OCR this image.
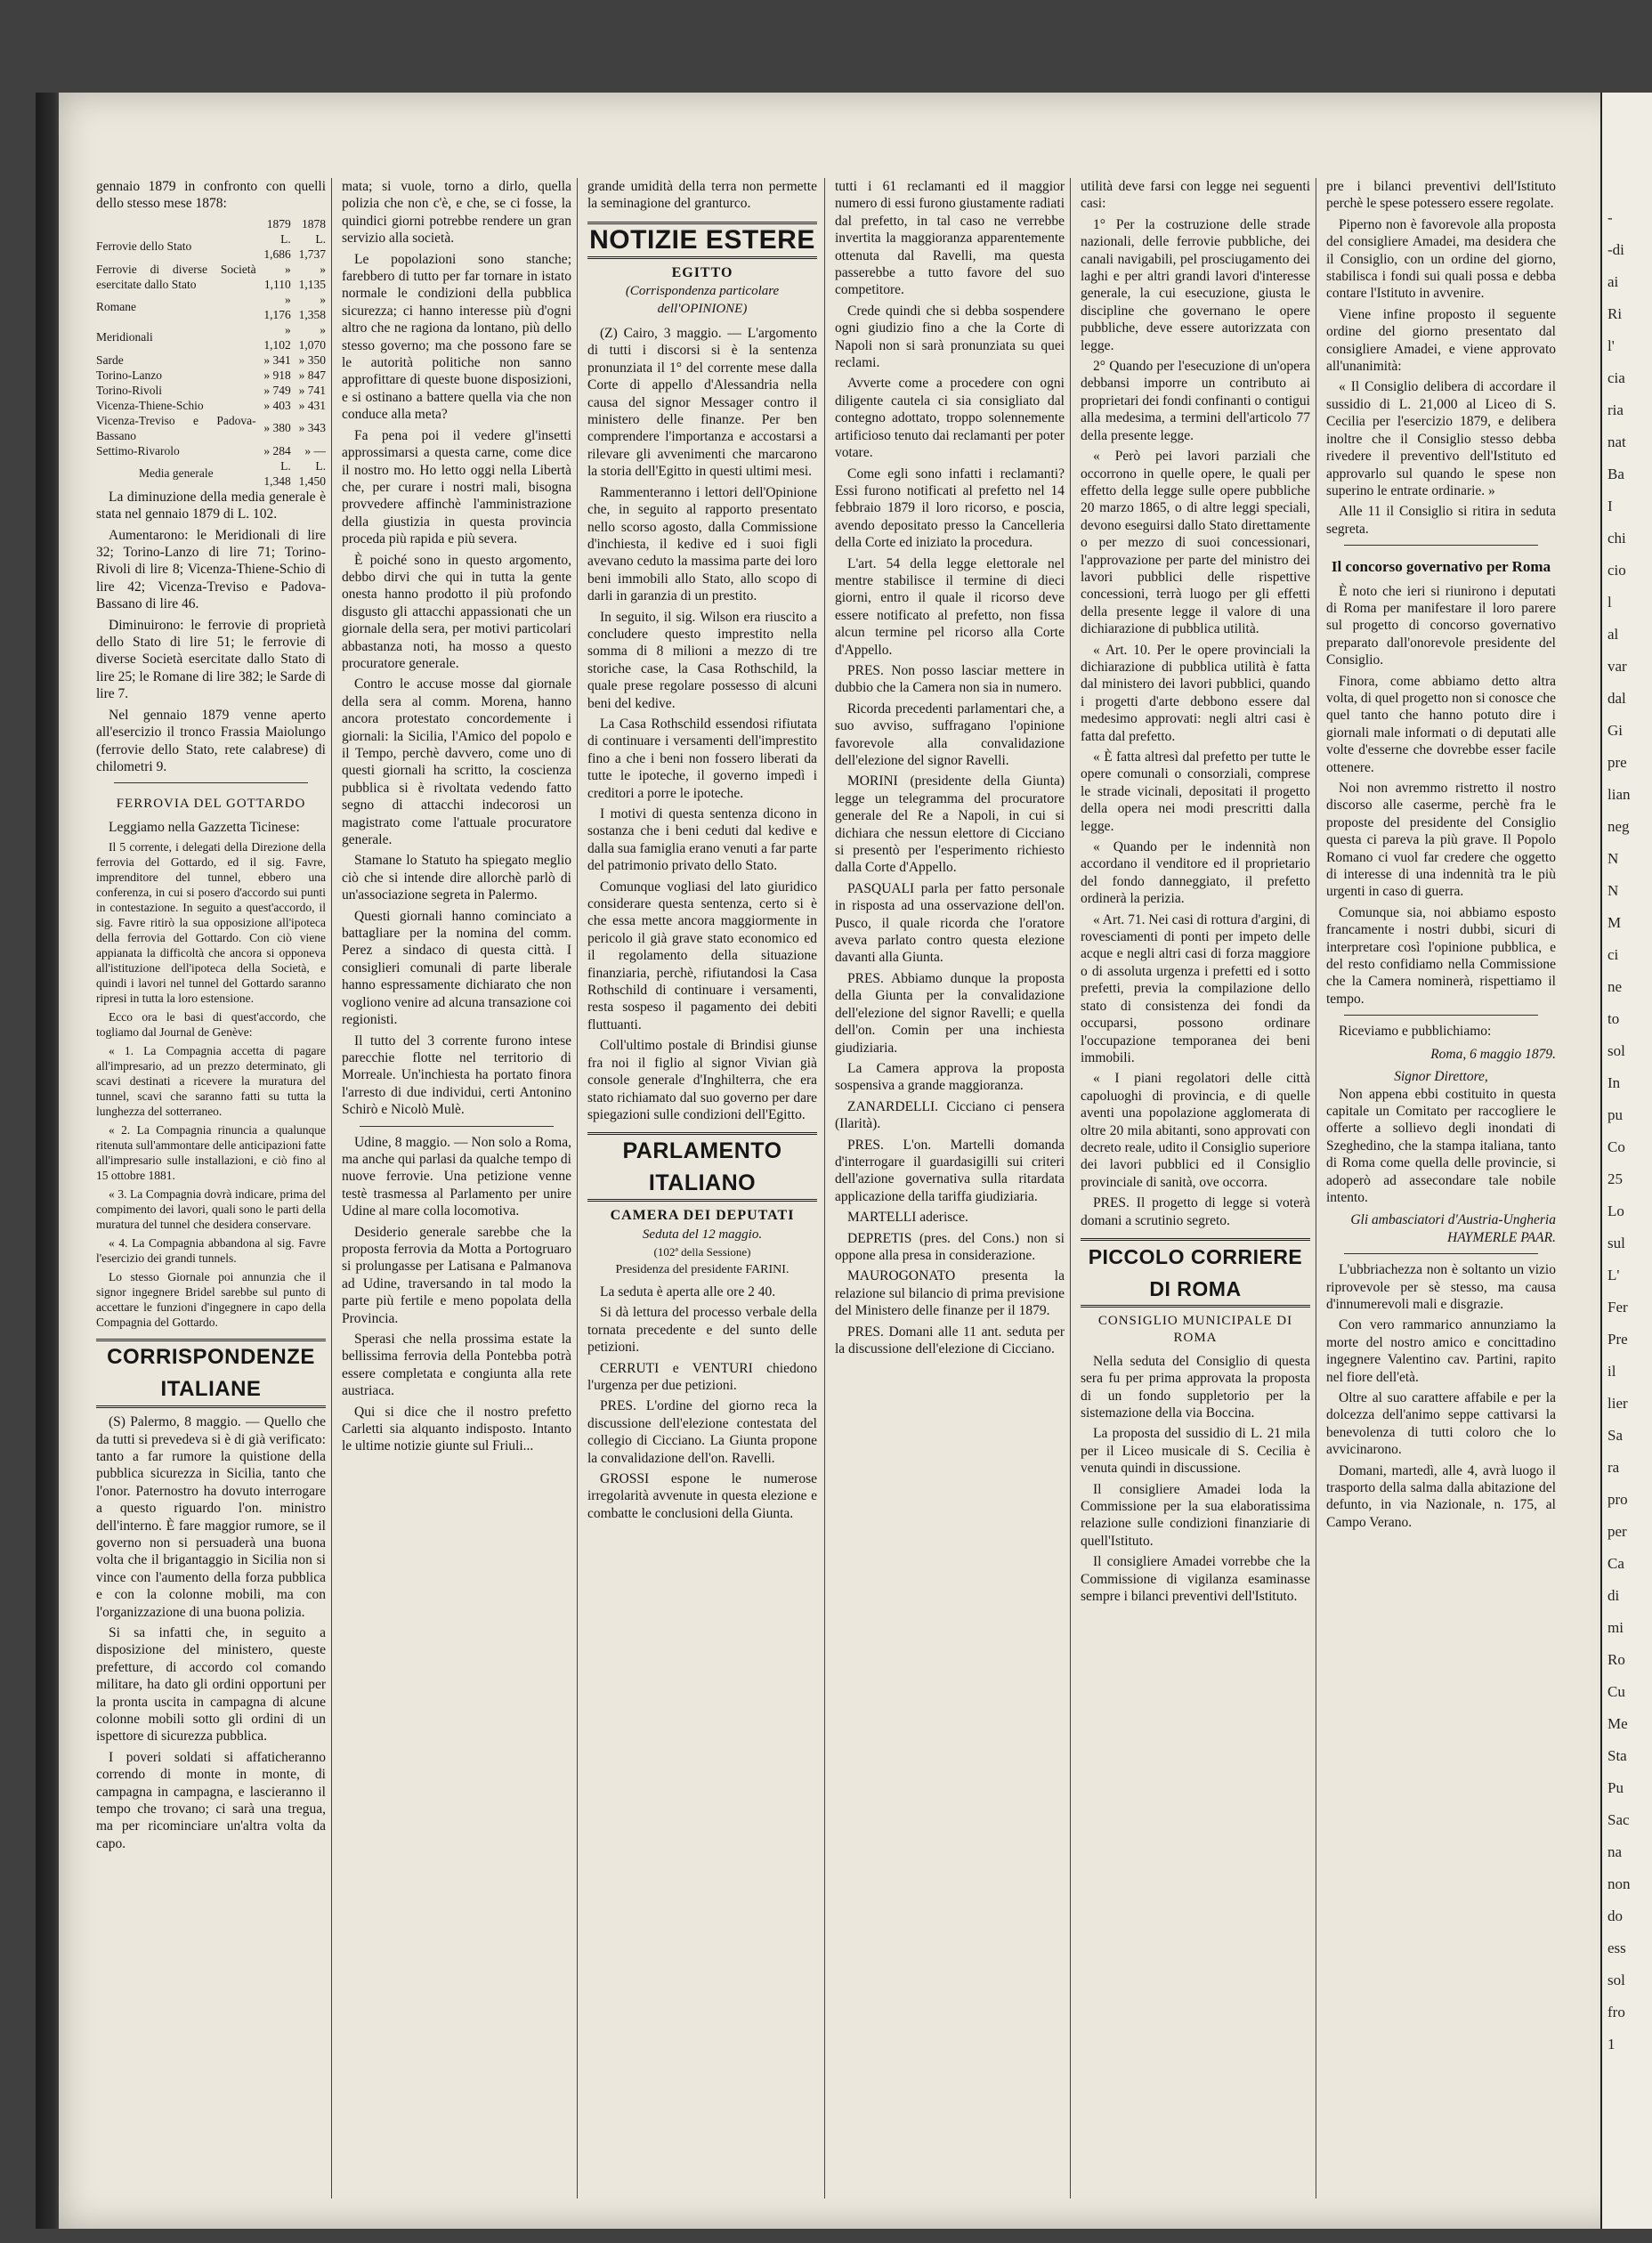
gennaio 1879 in confronto con quelli dello stesso mese 1878:

	1879	1878
Ferrovie dello Stato	L. 1,686	L. 1,737
Ferrovie di diverse Società esercitate dallo Stato	» 1,110	» 1,135
Romane	» 1,176	» 1,358
Meridionali	» 1,102	» 1,070
Sarde	» 341	» 350
Torino-Lanzo	» 918	» 847
Torino-Rivoli	» 749	» 741
Vicenza-Thiene-Schio	» 403	» 431
Vicenza-Treviso e Padova-Bassano	» 380	» 343
Settimo-Rivarolo	» 284	» —
Media generale	L. 1,348	L. 1,450

La diminuzione della media generale è stata nel gennaio 1879 di L. 102.

Aumentarono: le Meridionali di lire 32; Torino-Lanzo di lire 71; Torino-Rivoli di lire 8; Vicenza-Thiene-Schio di lire 42; Vicenza-Treviso e Padova-Bassano di lire 46.

Diminuirono: le ferrovie di proprietà dello Stato di lire 51; le ferrovie di diverse Società esercitate dallo Stato di lire 25; le Romane di lire 382; le Sarde di lire 7.

Nel gennaio 1879 venne aperto all'esercizio il tronco Frassia Maiolungo (ferrovie dello Stato, rete calabrese) di chilometri 9.

FERROVIA DEL GOTTARDO

Leggiamo nella Gazzetta Ticinese:

Il 5 corrente, i delegati della Direzione della ferrovia del Gottardo, ed il sig. Favre, imprenditore del tunnel, ebbero una conferenza, in cui si posero d'accordo sui punti in contestazione. In seguito a quest'accordo, il sig. Favre ritirò la sua opposizione all'ipoteca della ferrovia del Gottardo. Con ciò viene appianata la difficoltà che ancora si opponeva all'istituzione dell'ipoteca della Società, e quindi i lavori nel tunnel del Gottardo saranno ripresi in tutta la loro estensione.

Ecco ora le basi di quest'accordo, che togliamo dal Journal de Genève:

« 1. La Compagnia accetta di pagare all'impresario, ad un prezzo determinato, gli scavi destinati a ricevere la muratura del tunnel, scavi che saranno fatti su tutta la lunghezza del sotterraneo.

« 2. La Compagnia rinuncia a qualunque ritenuta sull'ammontare delle anticipazioni fatte all'impresario sulle installazioni, e ciò fino al 15 ottobre 1881.

« 3. La Compagnia dovrà indicare, prima del compimento dei lavori, quali sono le parti della muratura del tunnel che desidera conservare.

« 4. La Compagnia abbandona al sig. Favre l'esercizio dei grandi tunnels.

Lo stesso Giornale poi annunzia che il signor ingegnere Bridel sarebbe sul punto di accettare le funzioni d'ingegnere in capo della Compagnia del Gottardo.

CORRISPONDENZE ITALIANE

(S) Palermo, 8 maggio. — Quello che da tutti si prevedeva si è di già verificato: tanto a far rumore la quistione della pubblica sicurezza in Sicilia, tanto che l'onor. Paternostro ha dovuto interrogare a questo riguardo l'on. ministro dell'interno. È fare maggior rumore, se il governo non si persuaderà una buona volta che il brigantaggio in Sicilia non si vince con l'aumento della forza pubblica e con la colonne mobili, ma con l'organizzazione di una buona polizia.

Si sa infatti che, in seguito a disposizione del ministero, queste prefetture, di accordo col comando militare, ha dato gli ordini opportuni per la pronta uscita in campagna di alcune colonne mobili sotto gli ordini di un ispettore di sicurezza pubblica.

I poveri soldati si affaticheranno correndo di monte in monte, di campagna in campagna, e lascieranno il tempo che trovano; ci sarà una tregua, ma per ricominciare un'altra volta da capo.

mata; si vuole, torno a dirlo, quella polizia che non c'è, e che, se ci fosse, la quindici giorni potrebbe rendere un gran servizio alla società.

Le popolazioni sono stanche; farebbero di tutto per far tornare in istato normale le condizioni della pubblica sicurezza; ci hanno interesse più d'ogni altro che ne ragiona da lontano, più dello stesso governo; ma che possono fare se le autorità politiche non sanno approfittare di queste buone disposizioni, e si ostinano a battere quella via che non conduce alla meta?

Fa pena poi il vedere gl'insetti approssimarsi a questa carne, come dice il nostro mo. Ho letto oggi nella Libertà che, per curare i nostri mali, bisogna provvedere affinchè l'amministrazione della giustizia in questa provincia proceda più rapida e più severa.

È poiché sono in questo argomento, debbo dirvi che qui in tutta la gente onesta hanno prodotto il più profondo disgusto gli attacchi appassionati che un giornale della sera, per motivi particolari abbastanza noti, ha mosso a questo procuratore generale.

Contro le accuse mosse dal giornale della sera al comm. Morena, hanno ancora protestato concordemente i giornali: la Sicilia, l'Amico del popolo e il Tempo, perchè davvero, come uno di questi giornali ha scritto, la coscienza pubblica si è rivoltata vedendo fatto segno di attacchi indecorosi un magistrato come l'attuale procuratore generale.

Stamane lo Statuto ha spiegato meglio ciò che si intende dire allorchè parlò di un'associazione segreta in Palermo.

Questi giornali hanno cominciato a battagliare per la nomina del comm. Perez a sindaco di questa città. I consiglieri comunali di parte liberale hanno espressamente dichiarato che non vogliono venire ad alcuna transazione coi regionisti.

Il tutto del 3 corrente furono intese parecchie flotte nel territorio di Morreale. Un'inchiesta ha portato finora l'arresto di due individui, certi Antonino Schirò e Nicolò Mulè.

Udine, 8 maggio. — Non solo a Roma, ma anche qui parlasi da qualche tempo di nuove ferrovie. Una petizione venne testè trasmessa al Parlamento per unire Udine al mare colla locomotiva.

Desiderio generale sarebbe che la proposta ferrovia da Motta a Portogruaro si prolungasse per Latisana e Palmanova ad Udine, traversando in tal modo la parte più fertile e meno popolata della Provincia.

Sperasi che nella prossima estate la bellissima ferrovia della Pontebba potrà essere completata e congiunta alla rete austriaca.

Qui si dice che il nostro prefetto Carletti sia alquanto indisposto. Intanto le ultime notizie giunte sul Friuli...

grande umidità della terra non permette la seminagione del granturco.

NOTIZIE ESTERE
EGITTO
(Corrispondenza particolare dell'OPINIONE)

(Z) Cairo, 3 maggio. — L'argomento di tutti i discorsi si è la sentenza pronunziata il 1° del corrente mese dalla Corte di appello d'Alessandria nella causa del signor Messager contro il ministero delle finanze. Per ben comprendere l'importanza e accostarsi a rilevare gli avvenimenti che marcarono la storia dell'Egitto in questi ultimi mesi.

Rammenteranno i lettori dell'Opinione che, in seguito al rapporto presentato nello scorso agosto, dalla Commissione d'inchiesta, il kedive ed i suoi figli avevano ceduto la massima parte dei loro beni immobili allo Stato, allo scopo di darli in garanzia di un prestito.

In seguito, il sig. Wilson era riuscito a concludere questo imprestito nella somma di 8 milioni a mezzo di tre storiche case, la Casa Rothschild, la quale prese regolare possesso di alcuni beni del kedive.

La Casa Rothschild essendosi rifiutata di continuare i versamenti dell'imprestito fino a che i beni non fossero liberati da tutte le ipoteche, il governo impedì i creditori a porre le ipoteche.

I motivi di questa sentenza dicono in sostanza che i beni ceduti dal kedive e dalla sua famiglia erano venuti a far parte del patrimonio privato dello Stato.

Comunque vogliasi del lato giuridico considerare questa sentenza, certo si è che essa mette ancora maggiormente in pericolo il già grave stato economico ed il regolamento della situazione finanziaria, perchè, rifiutandosi la Casa Rothschild di continuare i versamenti, resta sospeso il pagamento dei debiti fluttuanti.

Coll'ultimo postale di Brindisi giunse fra noi il figlio al signor Vivian già console generale d'Inghilterra, che era stato richiamato dal suo governo per dare spiegazioni sulle condizioni dell'Egitto.

PARLAMENTO ITALIANO
CAMERA DEI DEPUTATI
Seduta del 12 maggio.
(102ª della Sessione)
Presidenza del presidente FARINI.

La seduta è aperta alle ore 2 40.

Si dà lettura del processo verbale della tornata precedente e del sunto delle petizioni.

CERRUTI e VENTURI chiedono l'urgenza per due petizioni.

PRES. L'ordine del giorno reca la discussione dell'elezione contestata del collegio di Cicciano. La Giunta propone la convalidazione dell'on. Ravelli.

GROSSI espone le numerose irregolarità avvenute in questa elezione e combatte le conclusioni della Giunta.

tutti i 61 reclamanti ed il maggior numero di essi furono giustamente radiati dal prefetto, in tal caso ne verrebbe invertita la maggioranza apparentemente ottenuta dal Ravelli, ma questa passerebbe a tutto favore del suo competitore.

Crede quindi che si debba sospendere ogni giudizio fino a che la Corte di Napoli non si sarà pronunziata su quei reclami.

Avverte come a procedere con ogni diligente cautela ci sia consigliato dal contegno adottato, troppo solennemente artificioso tenuto dai reclamanti per poter votare.

Come egli sono infatti i reclamanti? Essi furono notificati al prefetto nel 14 febbraio 1879 il loro ricorso, e poscia, avendo depositato presso la Cancelleria della Corte ed iniziato la procedura.

L'art. 54 della legge elettorale nel mentre stabilisce il termine di dieci giorni, entro il quale il ricorso deve essere notificato al prefetto, non fissa alcun termine pel ricorso alla Corte d'Appello.

PRES. Non posso lasciar mettere in dubbio che la Camera non sia in numero.

Ricorda precedenti parlamentari che, a suo avviso, suffragano l'opinione favorevole alla convalidazione dell'elezione del signor Ravelli.

MORINI (presidente della Giunta) legge un telegramma del procuratore generale del Re a Napoli, in cui si dichiara che nessun elettore di Cicciano si presentò per l'esperimento richiesto dalla Corte d'Appello.

PASQUALI parla per fatto personale in risposta ad una osservazione dell'on. Pusco, il quale ricorda che l'oratore aveva parlato contro questa elezione davanti alla Giunta.

PRES. Abbiamo dunque la proposta della Giunta per la convalidazione dell'elezione del signor Ravelli; e quella dell'on. Comin per una inchiesta giudiziaria.

La Camera approva la proposta sospensiva a grande maggioranza.

ZANARDELLI. Cicciano ci pensera (Ilarità).

PRES. L'on. Martelli domanda d'interrogare il guardasigilli sui criteri dell'azione governativa sulla ritardata applicazione della tariffa giudiziaria.

MARTELLI aderisce.

DEPRETIS (pres. del Cons.) non si oppone alla presa in considerazione.

MAUROGONATO presenta la relazione sul bilancio di prima previsione del Ministero delle finanze per il 1879.

PRES. Domani alle 11 ant. seduta per la discussione dell'elezione di Cicciano.

utilità deve farsi con legge nei seguenti casi:

1° Per la costruzione delle strade nazionali, delle ferrovie pubbliche, dei canali navigabili, pel prosciugamento dei laghi e per altri grandi lavori d'interesse generale, la cui esecuzione, giusta le discipline che governano le opere pubbliche, deve essere autorizzata con legge.

2° Quando per l'esecuzione di un'opera debbansi imporre un contributo ai proprietari dei fondi confinanti o contigui alla medesima, a termini dell'articolo 77 della presente legge.

« Però pei lavori parziali che occorrono in quelle opere, le quali per effetto della legge sulle opere pubbliche 20 marzo 1865, o di altre leggi speciali, devono eseguirsi dallo Stato direttamente o per mezzo di suoi concessionari, l'approvazione per parte del ministro dei lavori pubblici delle rispettive concessioni, terrà luogo per gli effetti della presente legge il valore di una dichiarazione di pubblica utilità.

« Art. 10. Per le opere provinciali la dichiarazione di pubblica utilità è fatta dal ministero dei lavori pubblici, quando i progetti d'arte debbono essere dal medesimo approvati: negli altri casi è fatta dal prefetto.

« È fatta altresì dal prefetto per tutte le opere comunali o consorziali, comprese le strade vicinali, depositati il progetto della opera nei modi prescritti dalla legge.

« Quando per le indennità non accordano il venditore ed il proprietario del fondo danneggiato, il prefetto ordinerà la perizia.

« Art. 71. Nei casi di rottura d'argini, di rovesciamenti di ponti per impeto delle acque e negli altri casi di forza maggiore o di assoluta urgenza i prefetti ed i sotto prefetti, previa la compilazione dello stato di consistenza dei fondi da occuparsi, possono ordinare l'occupazione temporanea dei beni immobili.

« I piani regolatori delle città capoluoghi di provincia, e di quelle aventi una popolazione agglomerata di oltre 20 mila abitanti, sono approvati con decreto reale, udito il Consiglio superiore dei lavori pubblici ed il Consiglio provinciale di sanità, ove occorra.

PRES. Il progetto di legge si voterà domani a scrutinio segreto.

PICCOLO CORRIERE DI ROMA
CONSIGLIO MUNICIPALE DI ROMA

Nella seduta del Consiglio di questa sera fu per prima approvata la proposta di un fondo suppletorio per la sistemazione della via Boccina.

La proposta del sussidio di L. 21 mila per il Liceo musicale di S. Cecilia è venuta quindi in discussione.

Il consigliere Amadei loda la Commissione per la sua elaboratissima relazione sulle condizioni finanziarie di quell'Istituto.

Il consigliere Amadei vorrebbe che la Commissione di vigilanza esaminasse sempre i bilanci preventivi dell'Istituto.

pre i bilanci preventivi dell'Istituto perchè le spese potessero essere regolate.

Piperno non è favorevole alla proposta del consigliere Amadei, ma desidera che il Consiglio, con un ordine del giorno, stabilisca i fondi sui quali possa e debba contare l'Istituto in avvenire.

Viene infine proposto il seguente ordine del giorno presentato dal consigliere Amadei, e viene approvato all'unanimità:

« Il Consiglio delibera di accordare il sussidio di L. 21,000 al Liceo di S. Cecilia per l'esercizio 1879, e delibera inoltre che il Consiglio stesso debba rivedere il preventivo dell'Istituto ed approvarlo sul quando le spese non superino le entrate ordinarie. »

Alle 11 il Consiglio si ritira in seduta segreta.

Il concorso governativo per Roma

È noto che ieri si riunirono i deputati di Roma per manifestare il loro parere sul progetto di concorso governativo preparato dall'onorevole presidente del Consiglio.

Finora, come abbiamo detto altra volta, di quel progetto non si conosce che quel tanto che hanno potuto dire i giornali male informati o di deputati alle volte d'esserne che dovrebbe esser facile ottenere.

Noi non avremmo ristretto il nostro discorso alle caserme, perchè fra le proposte del presidente del Consiglio questa ci pareva la più grave. Il Popolo Romano ci vuol far credere che oggetto di interesse di una indennità tra le più urgenti in caso di guerra.

Comunque sia, noi abbiamo esposto francamente i nostri dubbi, sicuri di interpretare così l'opinione pubblica, e del resto confidiamo nella Commissione che la Camera nominerà, rispettiamo il tempo.

Riceviamo e pubblichiamo:

Roma, 6 maggio 1879.
Signor Direttore,

Non appena ebbi costituito in questa capitale un Comitato per raccogliere le offerte a sollievo degli inondati di Szeghedino, che la stampa italiana, tanto di Roma come quella delle provincie, si adoperò ad assecondare tale nobile intento.

Gli ambasciatori d'Austria-Ungheria HAYMERLE PAAR.

L'ubbriachezza non è soltanto un vizio riprovevole per sè stesso, ma causa d'innumerevoli mali e disgrazie.

Con vero rammarico annunziamo la morte del nostro amico e concittadino ingegnere Valentino cav. Partini, rapito nel fiore dell'età.

Oltre al suo carattere affabile e per la dolcezza dell'animo seppe cattivarsi la benevolenza di tutti coloro che lo avvicinarono.

Domani, martedì, alle 4, avrà luogo il trasporto della salma dalla abitazione del defunto, in via Nazionale, n. 175, al Campo Verano.

-
-di
ai
Ri
l'
cia
ria
nat
Ba
I
chi
cio
l
al
var
dal
Gi
pre
lian
neg
N
N
M
ci
ne
to
sol
In
pu
Co
25
Lo
sul
L'
Fer
Pre
il
lier
Sa
ra
pro
per
Ca
di
mi
Ro
Cu
Me
Sta
Pu
Sac
na
non
do
ess
sol
fro
1
